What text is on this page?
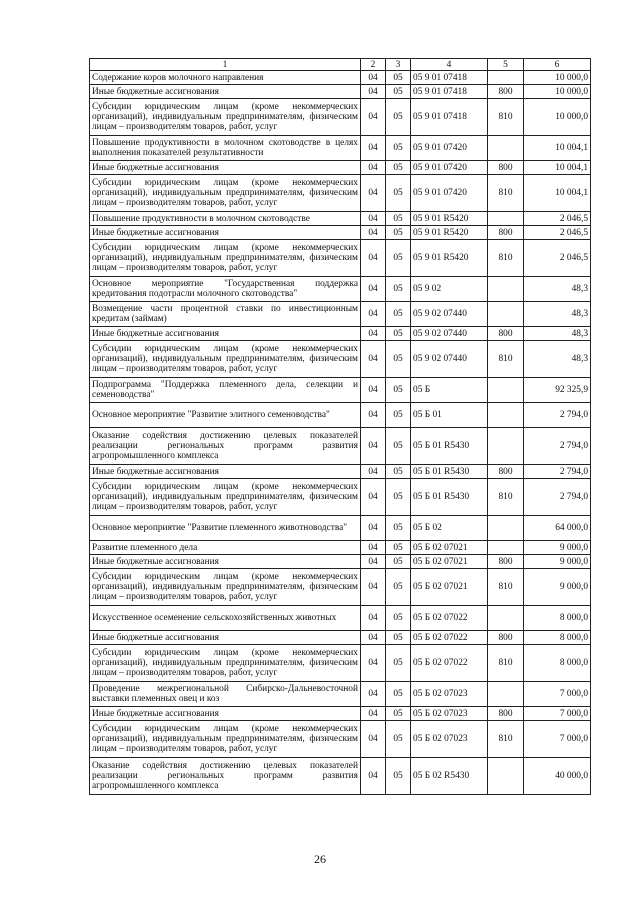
1	2	3	4	5	6
Содержание коров молочного направления	04	05	05 9 01 07418		10 000,0
Иные бюджетные ассигнования	04	05	05 9 01 07418	800	10 000,0
Субсидии юридическим лицам (кроме некоммерческих организаций), индивидуальным предпринимателям, физическим лицам – производителям товаров, работ, услуг	04	05	05 9 01 07418	810	10 000,0
Повышение продуктивности в молочном скотоводстве в целях выполнения показателей результативности	04	05	05 9 01 07420		10 004,1
Иные бюджетные ассигнования	04	05	05 9 01 07420	800	10 004,1
Субсидии юридическим лицам (кроме некоммерческих организаций), индивидуальным предпринимателям, физическим лицам – производителям товаров, работ, услуг	04	05	05 9 01 07420	810	10 004,1
Повышение продуктивности в молочном скотоводстве	04	05	05 9 01 R5420		2 046,5
Иные бюджетные ассигнования	04	05	05 9 01 R5420	800	2 046,5
Субсидии юридическим лицам (кроме некоммерческих организаций), индивидуальным предпринимателям, физическим лицам – производителям товаров, работ, услуг	04	05	05 9 01 R5420	810	2 046,5
Основное мероприятие "Государственная поддержка кредитования подотрасли молочного скотоводства"	04	05	05 9 02		48,3
Возмещение части процентной ставки по инвестиционным кредитам (займам)	04	05	05 9 02 07440		48,3
Иные бюджетные ассигнования	04	05	05 9 02 07440	800	48,3
Субсидии юридическим лицам (кроме некоммерческих организаций), индивидуальным предпринимателям, физическим лицам – производителям товаров, работ, услуг	04	05	05 9 02 07440	810	48,3
Подпрограмма "Поддержка племенного дела, селекции и семеноводства"	04	05	05 Б		92 325,9
Основное мероприятие "Развитие элитного семеноводства"	04	05	05 Б 01		2 794,0
Оказание содействия достижению целевых показателей реализации региональных программ развития агропромышленного комплекса	04	05	05 Б 01 R5430		2 794,0
Иные бюджетные ассигнования	04	05	05 Б 01 R5430	800	2 794,0
Субсидии юридическим лицам (кроме некоммерческих организаций), индивидуальным предпринимателям, физическим лицам – производителям товаров, работ, услуг	04	05	05 Б 01 R5430	810	2 794,0
Основное мероприятие "Развитие племенного животноводства"	04	05	05 Б 02		64 000,0
Развитие племенного дела	04	05	05 Б 02 07021		9 000,0
Иные бюджетные ассигнования	04	05	05 Б 02 07021	800	9 000,0
Субсидии юридическим лицам (кроме некоммерческих организаций), индивидуальным предпринимателям, физическим лицам – производителям товаров, работ, услуг	04	05	05 Б 02 07021	810	9 000,0
Искусственное осеменение сельскохозяйственных животных	04	05	05 Б 02 07022		8 000,0
Иные бюджетные ассигнования	04	05	05 Б 02 07022	800	8 000,0
Субсидии юридическим лицам (кроме некоммерческих организаций), индивидуальным предпринимателям, физическим лицам – производителям товаров, работ, услуг	04	05	05 Б 02 07022	810	8 000,0
Проведение межрегиональной Сибирско-Дальневосточной выставки племенных овец и коз	04	05	05 Б 02 07023		7 000,0
Иные бюджетные ассигнования	04	05	05 Б 02 07023	800	7 000,0
Субсидии юридическим лицам (кроме некоммерческих организаций), индивидуальным предпринимателям, физическим лицам – производителям товаров, работ, услуг	04	05	05 Б 02 07023	810	7 000,0
Оказание содействия достижению целевых показателей реализации региональных программ развития агропромышленного комплекса	04	05	05 Б 02 R5430		40 000,0
26
